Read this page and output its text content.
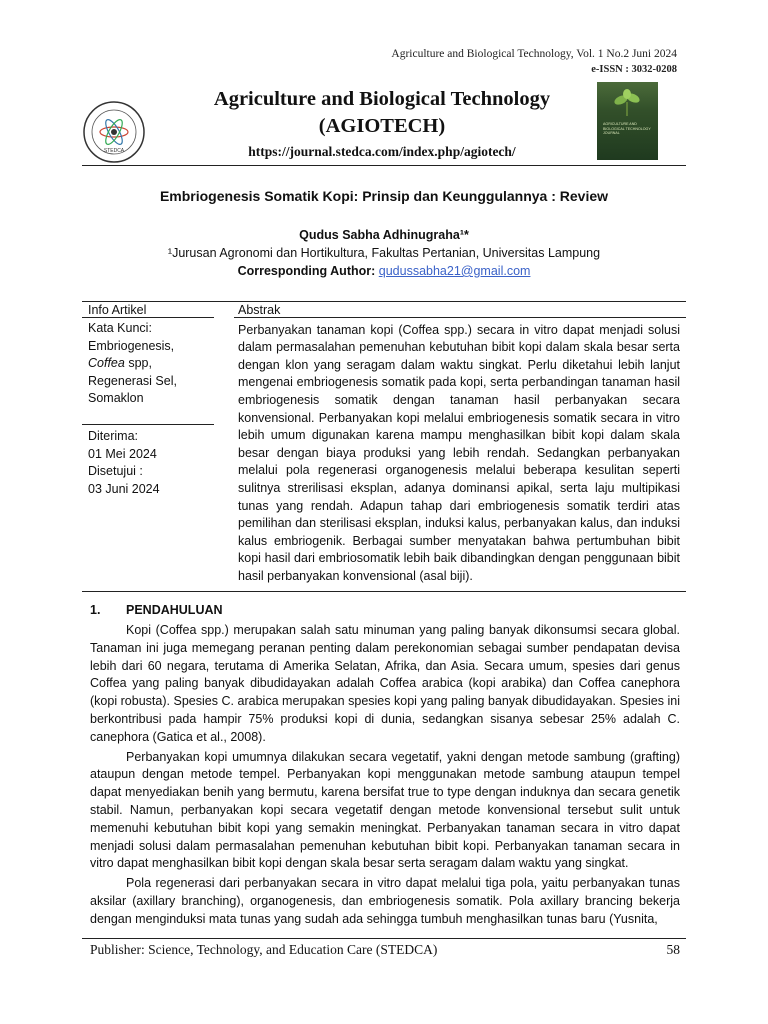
Agriculture and Biological Technology, Vol. 1 No.2 Juni 2024
e-ISSN : 3032-0208
STEDCA
Agriculture and Biological Technology
(AGIOTECH)
https://journal.stedca.com/index.php/agiotech/
AGRICULTURE AND BIOLOGICAL TECHNOLOGY JOURNAL
Embriogenesis Somatik Kopi: Prinsip dan Keunggulannya : Review
Qudus Sabha Adhinugraha¹*
¹Jurusan Agronomi dan Hortikultura, Fakultas Pertanian, Universitas Lampung
Corresponding Author: qudussabha21@gmail.com
Info Artikel
Kata Kunci:
Embriogenesis,
Coffea spp,
Regenerasi Sel,
Somaklon
Diterima:
01 Mei 2024
Disetujui :
03 Juni 2024
Abstrak
Perbanyakan tanaman kopi (Coffea spp.) secara in vitro dapat menjadi solusi dalam permasalahan pemenuhan kebutuhan bibit kopi dalam skala besar serta dengan klon yang seragam dalam waktu singkat. Perlu diketahui lebih lanjut mengenai embriogenesis somatik pada kopi, serta perbandingan tanaman hasil embriogenesis somatik dengan tanaman hasil perbanyakan secara konvensional. Perbanyakan kopi melalui embriogenesis somatik secara in vitro lebih umum digunakan karena mampu menghasilkan bibit kopi dalam skala besar dengan biaya produksi yang lebih rendah. Sedangkan perbanyakan melalui pola regenerasi organogenesis melalui beberapa kesulitan seperti sulitnya strerilisasi eksplan, adanya dominansi apikal, serta laju multipikasi tunas yang rendah. Adapun tahap dari embriogenesis somatik terdiri atas pemilihan dan sterilisasi eksplan, induksi kalus, perbanyakan kalus, dan induksi kalus embriogenik. Berbagai sumber menyatakan bahwa pertumbuhan bibit kopi hasil dari embriosomatik lebih baik dibandingkan dengan penggunaan bibit hasil perbanyakan konvensional (asal biji).
1. PENDAHULUAN

Kopi (Coffea spp.) merupakan salah satu minuman yang paling banyak dikonsumsi secara global. Tanaman ini juga memegang peranan penting dalam perekonomian sebagai sumber pendapatan devisa lebih dari 60 negara, terutama di Amerika Selatan, Afrika, dan Asia. Secara umum, spesies dari genus Coffea yang paling banyak dibudidayakan adalah Coffea arabica (kopi arabika) dan Coffea canephora (kopi robusta). Spesies C. arabica merupakan spesies kopi yang paling banyak dibudidayakan. Spesies ini berkontribusi pada hampir 75% produksi kopi di dunia, sedangkan sisanya sebesar 25% adalah C. canephora (Gatica et al., 2008).

Perbanyakan kopi umumnya dilakukan secara vegetatif, yakni dengan metode sambung (grafting) ataupun dengan metode tempel. Perbanyakan kopi menggunakan metode sambung ataupun tempel dapat menyediakan benih yang bermutu, karena bersifat true to type dengan induknya dan secara genetik stabil. Namun, perbanyakan kopi secara vegetatif dengan metode konvensional tersebut sulit untuk memenuhi kebutuhan bibit kopi yang semakin meningkat. Perbanyakan tanaman secara in vitro dapat menjadi solusi dalam permasalahan pemenuhan kebutuhan bibit kopi. Perbanyakan tanaman secara in vitro dapat menghasilkan bibit kopi dengan skala besar serta seragam dalam waktu yang singkat.

Pola regenerasi dari perbanyakan secara in vitro dapat melalui tiga pola, yaitu perbanyakan tunas aksilar (axillary branching), organogenesis, dan embriogenesis somatik. Pola axillary brancing bekerja dengan menginduksi mata tunas yang sudah ada sehingga tumbuh menghasilkan tunas baru (Yusnita,

Publisher: Science, Technology, and Education Care (STEDCA)	58
